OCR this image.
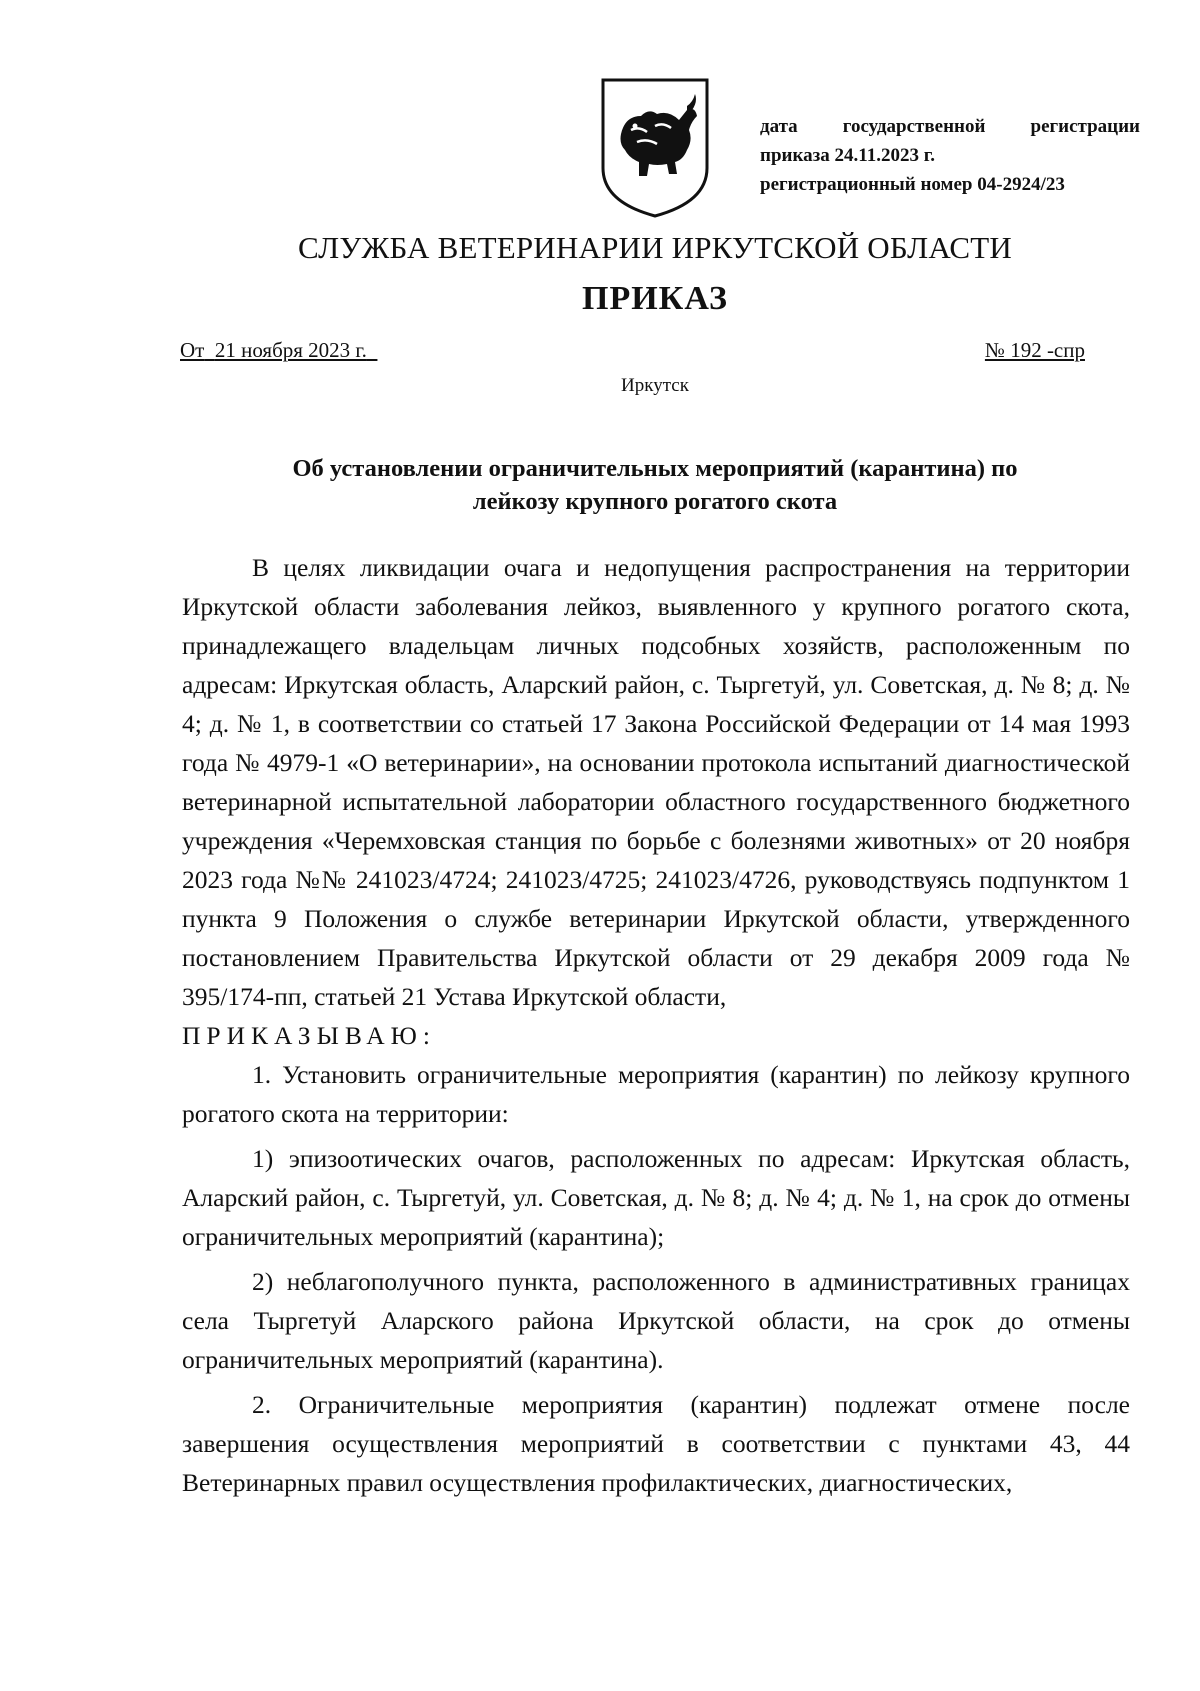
дата государственной регистрации
приказа 24.11.2023 г.
регистрационный номер 04-2924/23
СЛУЖБА ВЕТЕРИНАРИИ ИРКУТСКОЙ ОБЛАСТИ
ПРИКАЗ
От 21 ноября 2023 г.	№ 192 -спр
Иркутск
Об установлении ограничительных мероприятий (карантина) по
лейкозу крупного рогатого скота

В целях ликвидации очага и недопущения распространения на территории Иркутской области заболевания лейкоз, выявленного у крупного рогатого скота, принадлежащего владельцам личных подсобных хозяйств, расположенным по адресам: Иркутская область, Аларский район, с. Тыргетуй, ул. Советская, д. № 8; д. № 4; д. № 1, в соответствии со статьей 17 Закона Российской Федерации от 14 мая 1993 года № 4979-1 «О ветеринарии», на основании протокола испытаний диагностической ветеринарной испытательной лаборатории областного государственного бюджетного учреждения «Черемховская станция по борьбе с болезнями животных» от 20 ноября 2023 года №№ 241023/4724; 241023/4725; 241023/4726, руководствуясь подпунктом 1 пункта 9 Положения о службе ветеринарии Иркутской области, утвержденного постановлением Правительства Иркутской области от 29 декабря 2009 года № 395/174-пп, статьей 21 Устава Иркутской области,

ПРИКАЗЫВАЮ:

1. Установить ограничительные мероприятия (карантин) по лейкозу крупного рогатого скота на территории:

1) эпизоотических очагов, расположенных по адресам: Иркутская область, Аларский район, с. Тыргетуй, ул. Советская, д. № 8; д. № 4; д. № 1, на срок до отмены ограничительных мероприятий (карантина);

2) неблагополучного пункта, расположенного в административных границах села Тыргетуй Аларского района Иркутской области, на срок до отмены ограничительных мероприятий (карантина).

2. Ограничительные мероприятия (карантин) подлежат отмене после завершения осуществления мероприятий в соответствии с пунктами 43, 44 Ветеринарных правил осуществления профилактических, диагностических,
